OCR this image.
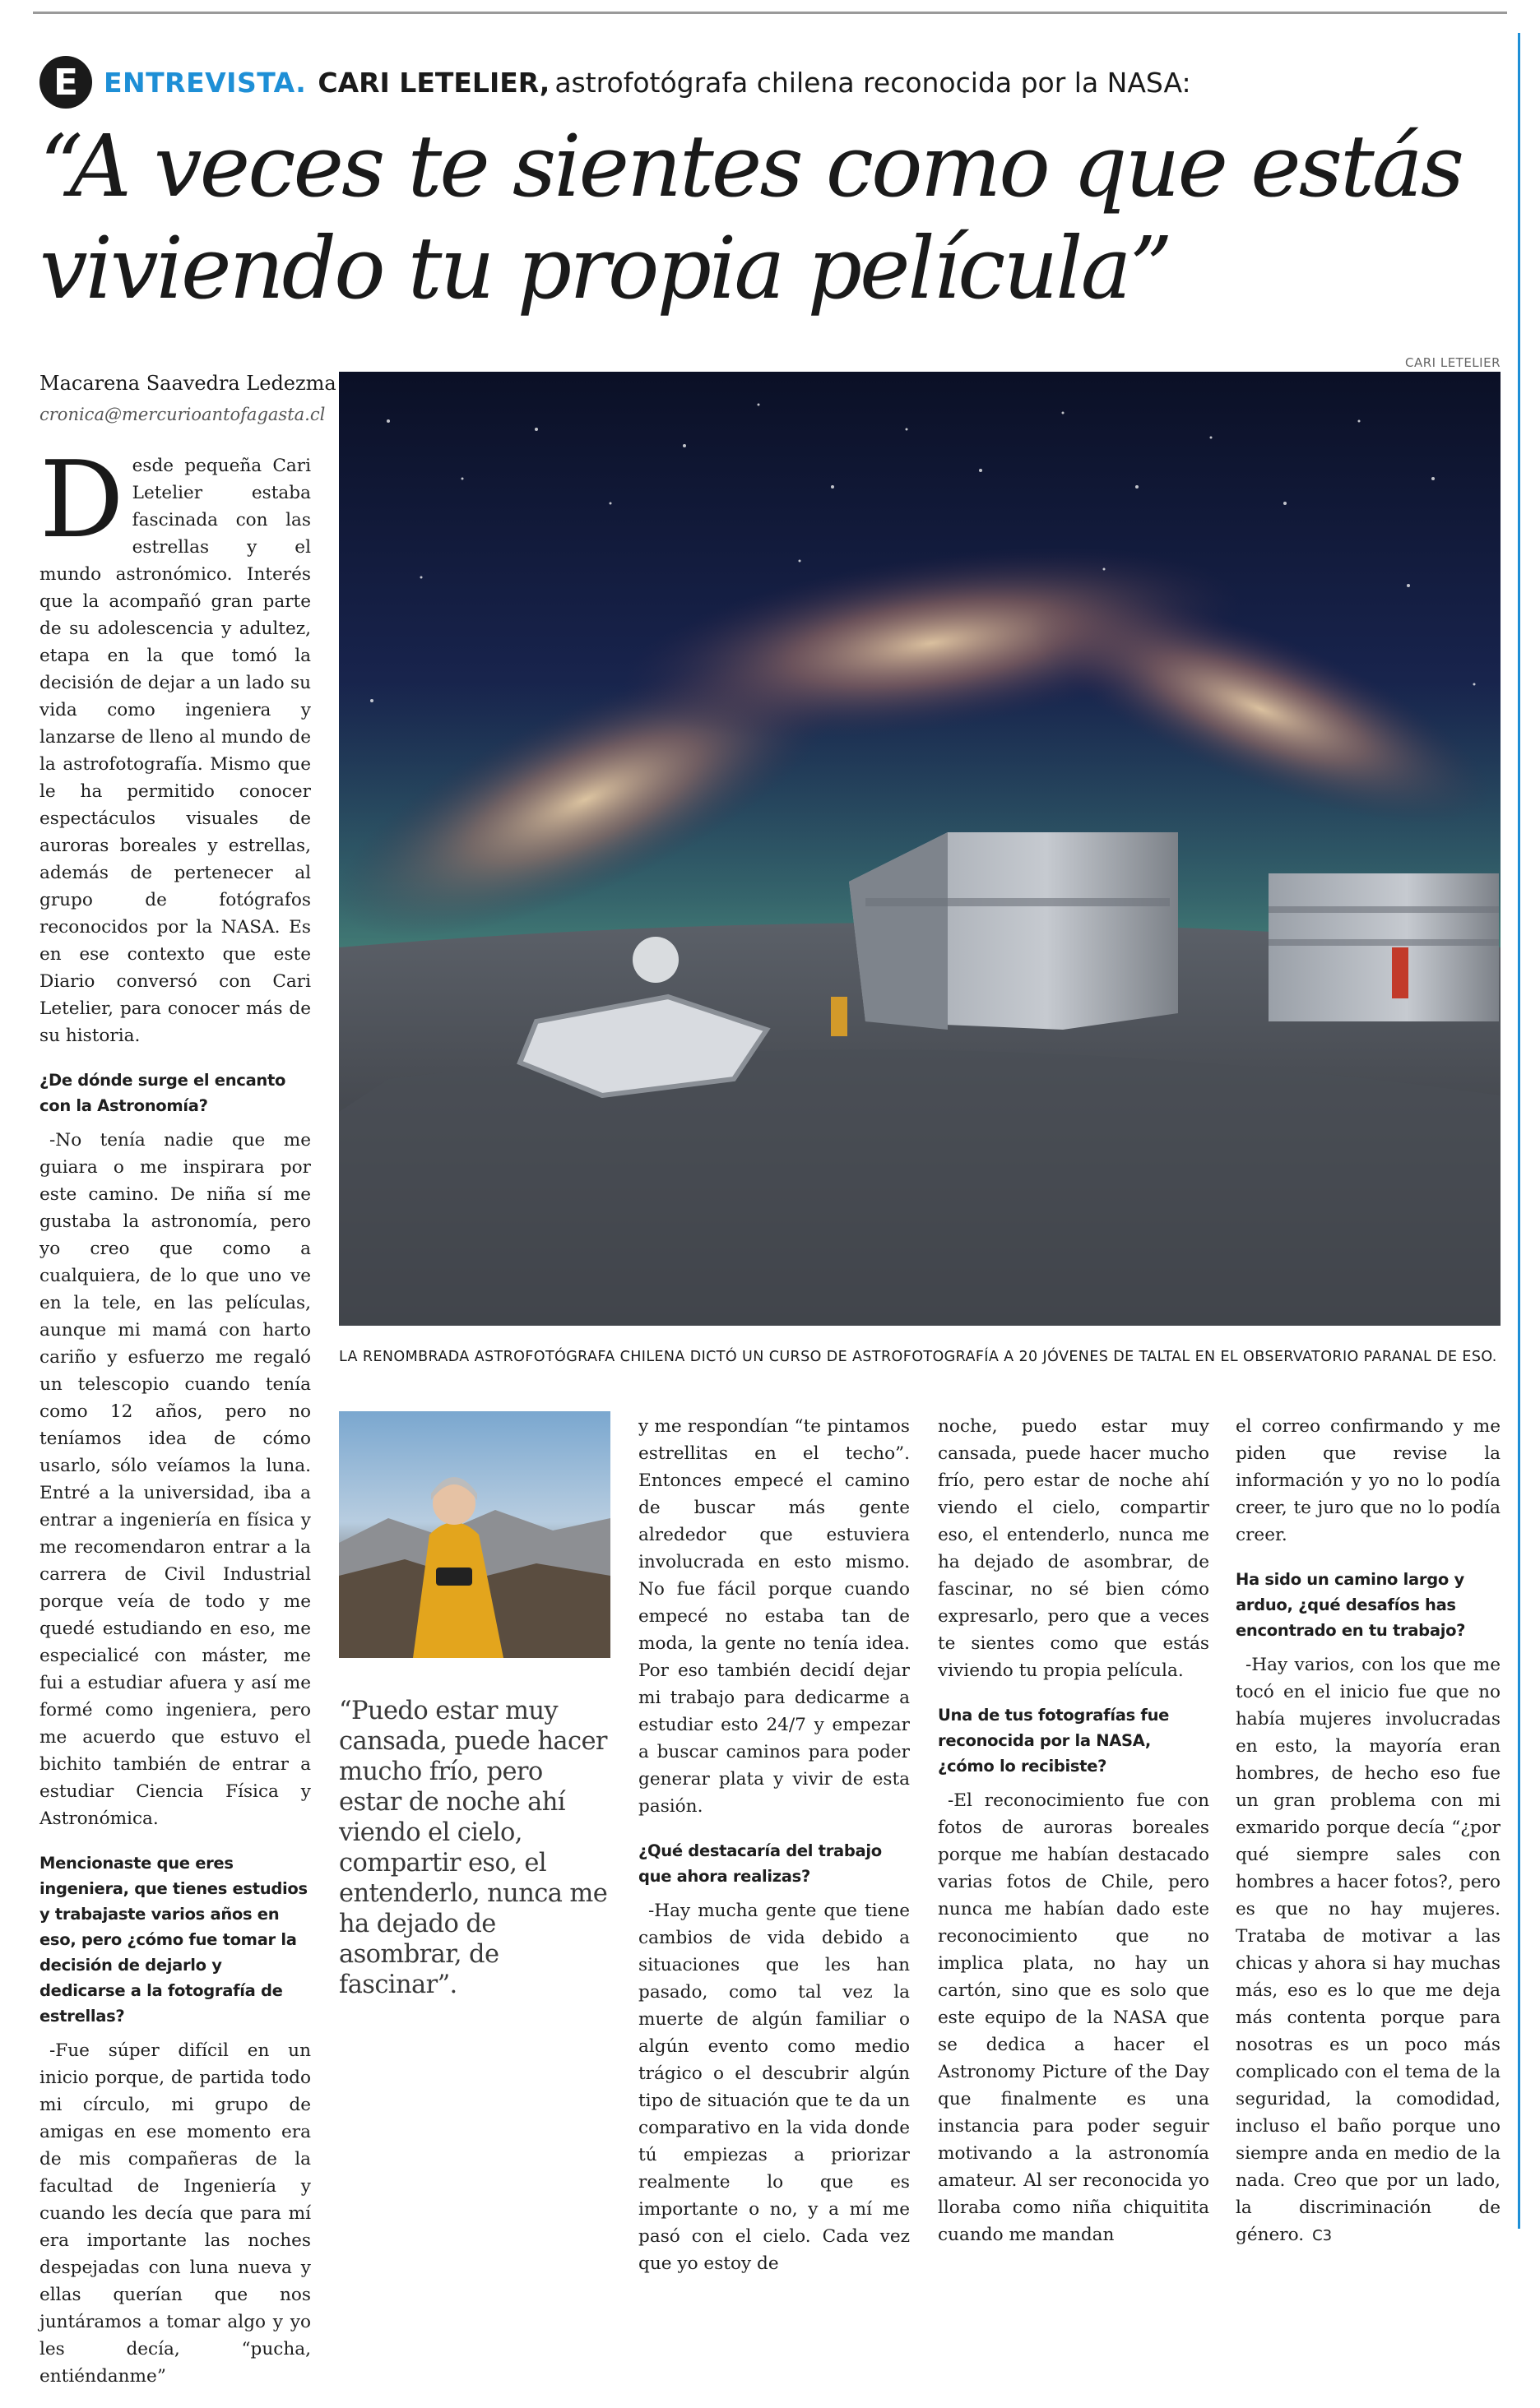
E ENTREVISTA. CARI LETELIER, astrofotógrafa chilena reconocida por la NASA:
“A veces te sientes como que estás viviendo tu propia película”
Macarena Saavedra Ledezma
cronica@mercurioantofagasta.cl
CARI LETELIER
LA RENOMBRADA ASTROFOTÓGRAFA CHILENA DICTÓ UN CURSO DE ASTROFOTOGRAFÍA A 20 JÓVENES DE TALTAL EN EL OBSERVATORIO PARANAL DE ESO.
“Puedo estar muy cansada, puede hacer mucho frío, pero estar de noche ahí viendo el cielo, compartir eso, el entenderlo, nunca me ha dejado de asombrar, de fascinar”.

Desde pequeña Cari Letelier estaba fascinada con las estrellas y el mundo astronómico. Interés que la acompañó gran parte de su adolescencia y adultez, etapa en la que tomó la decisión de dejar a un lado su vida como ingeniera y lanzarse de lleno al mundo de la astrofotografía. Mismo que le ha permitido conocer espectáculos visuales de auroras boreales y estrellas, además de pertenecer al grupo de fotógrafos reconocidos por la NASA. Es en ese contexto que este Diario conversó con Cari Letelier, para conocer más de su historia.

¿De dónde surge el encanto con la Astronomía?

-No tenía nadie que me guiara o me inspirara por este camino. De niña sí me gustaba la astronomía, pero yo creo que como a cualquiera, de lo que uno ve en la tele, en las películas, aunque mi mamá con harto cariño y esfuerzo me regaló un telescopio cuando tenía como 12 años, pero no teníamos idea de cómo usarlo, sólo veíamos la luna. Entré a la universidad, iba a entrar a ingeniería en física y me recomendaron entrar a la carrera de Civil Industrial porque veía de todo y me quedé estudiando en eso, me especialicé con máster, me fui a estudiar afuera y así me formé como ingeniera, pero me acuerdo que estuvo el bichito también de entrar a estudiar Ciencia Física y Astronómica.

Mencionaste que eres ingeniera, que tienes estudios y trabajaste varios años en eso, pero ¿cómo fue tomar la decisión de dejarlo y dedicarse a la fotografía de estrellas?

-Fue súper difícil en un inicio porque, de partida todo mi círculo, mi grupo de amigas en ese momento era de mis compañeras de la facultad de Ingeniería y cuando les decía que para mí era importante las noches despejadas con luna nueva y ellas querían que nos juntáramos a tomar algo y yo les decía, “pucha, entiéndanme”

y me respondían “te pintamos estrellitas en el techo”. Entonces empecé el camino de buscar más gente alrededor que estuviera involucrada en esto mismo. No fue fácil porque cuando empecé no estaba tan de moda, la gente no tenía idea. Por eso también decidí dejar mi trabajo para dedicarme a estudiar esto 24/7 y empezar a buscar caminos para poder generar plata y vivir de esta pasión.

¿Qué destacaría del trabajo que ahora realizas?

-Hay mucha gente que tiene cambios de vida debido a situaciones que les han pasado, como tal vez la muerte de algún familiar o algún evento como medio trágico o el descubrir algún tipo de situación que te da un comparativo en la vida donde tú empiezas a priorizar realmente lo que es importante o no, y a mí me pasó con el cielo. Cada vez que yo estoy de

noche, puedo estar muy cansada, puede hacer mucho frío, pero estar de noche ahí viendo el cielo, compartir eso, el entenderlo, nunca me ha dejado de asombrar, de fascinar, no sé bien cómo expresarlo, pero que a veces te sientes como que estás viviendo tu propia película.

Una de tus fotografías fue reconocida por la NASA, ¿cómo lo recibiste?

-El reconocimiento fue con fotos de auroras boreales porque me habían destacado varias fotos de Chile, pero nunca me habían dado este reconocimiento que no implica plata, no hay un cartón, sino que es solo que este equipo de la NASA que se dedica a hacer el Astronomy Picture of the Day que finalmente es una instancia para poder seguir motivando a la astronomía amateur. Al ser reconocida yo lloraba como niña chiquitita cuando me mandan

el correo confirmando y me piden que revise la información y yo no lo podía creer, te juro que no lo podía creer.

Ha sido un camino largo y arduo, ¿qué desafíos has encontrado en tu trabajo?

-Hay varios, con los que me tocó en el inicio fue que no había mujeres involucradas en esto, la mayoría eran hombres, de hecho eso fue un gran problema con mi exmarido porque decía “¿por qué siempre sales con hombres a hacer fotos?, pero es que no hay mujeres. Trataba de motivar a las chicas y ahora si hay muchas más, eso es lo que me deja más contenta porque para nosotras es un poco más complicado con el tema de la seguridad, la comodidad, incluso el baño porque uno siempre anda en medio de la nada. Creo que por un lado, la discriminación de género. C3
